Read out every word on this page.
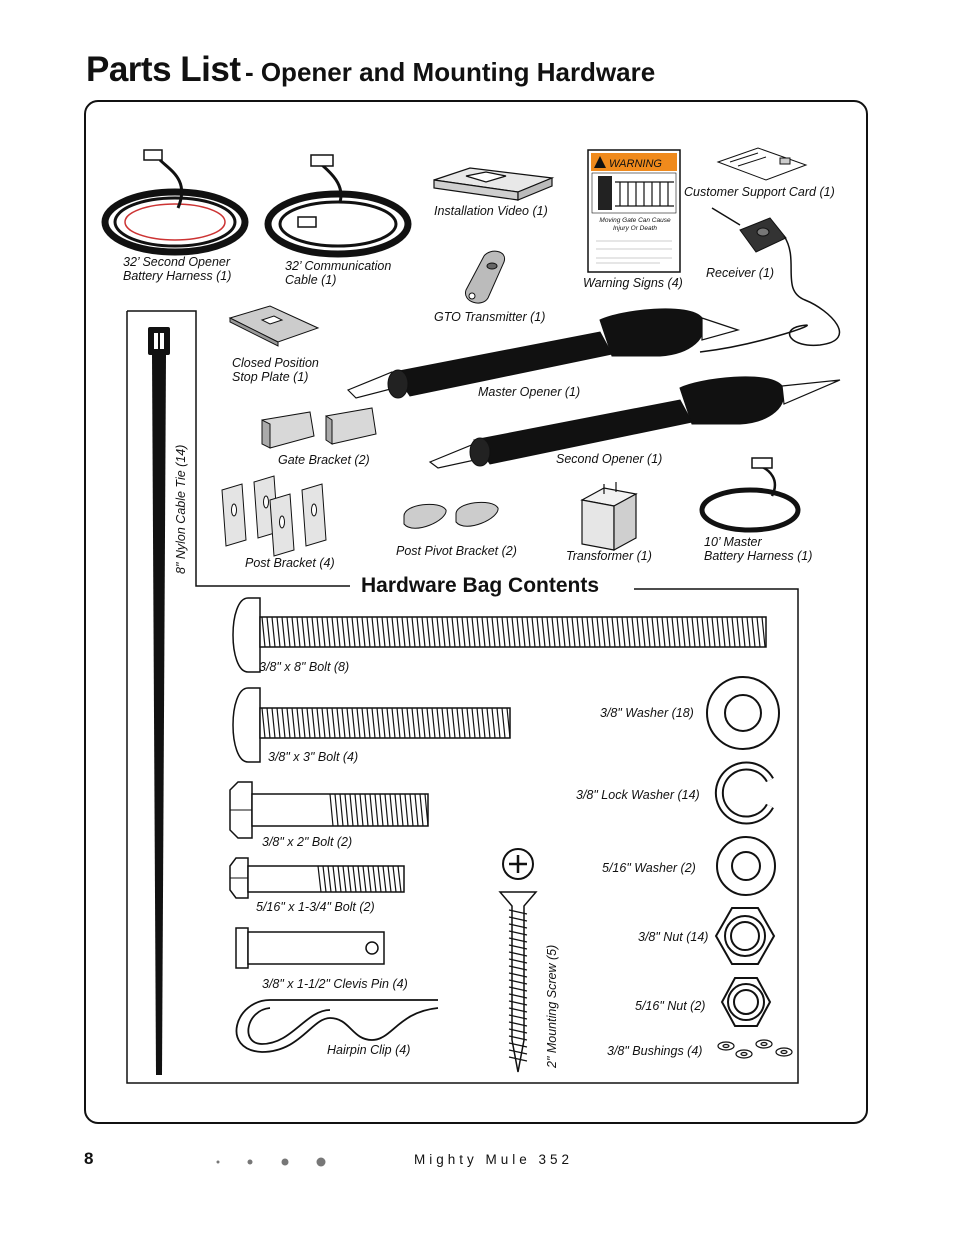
Parts List - Opener and Mounting Hardware
WARNING
Moving Gate Can Cause
Injury Or Death
32’ Second Opener
Battery Harness (1)
32’ Communication
Cable (1)
Installation Video (1)
Warning Signs (4)
Customer Support Card (1)
Receiver (1)
GTO Transmitter (1)
Closed Position
Stop Plate (1)
Master Opener (1)
Gate Bracket (2)	Second Opener (1)
Post Bracket (4)
Post Pivot Bracket (2)	Transformer (1)
10’ Master
Battery Harness (1)
8" Nylon Cable Tie (14)
Hardware Bag Contents
3/8" x 8" Bolt (8)
3/8" x 3" Bolt (4)
3/8" x 2" Bolt (2)
5/16" x 1-3/4" Bolt (2)
3/8" x 1-1/2" Clevis Pin (4)
Hairpin Clip (4)	2" Mounting Screw (5)
3/8" Washer (18)
3/8" Lock Washer (14)
5/16" Washer (2)
3/8" Nut (14)
5/16" Nut (2)
3/8" Bushings (4)
8	Mighty Mule 352
